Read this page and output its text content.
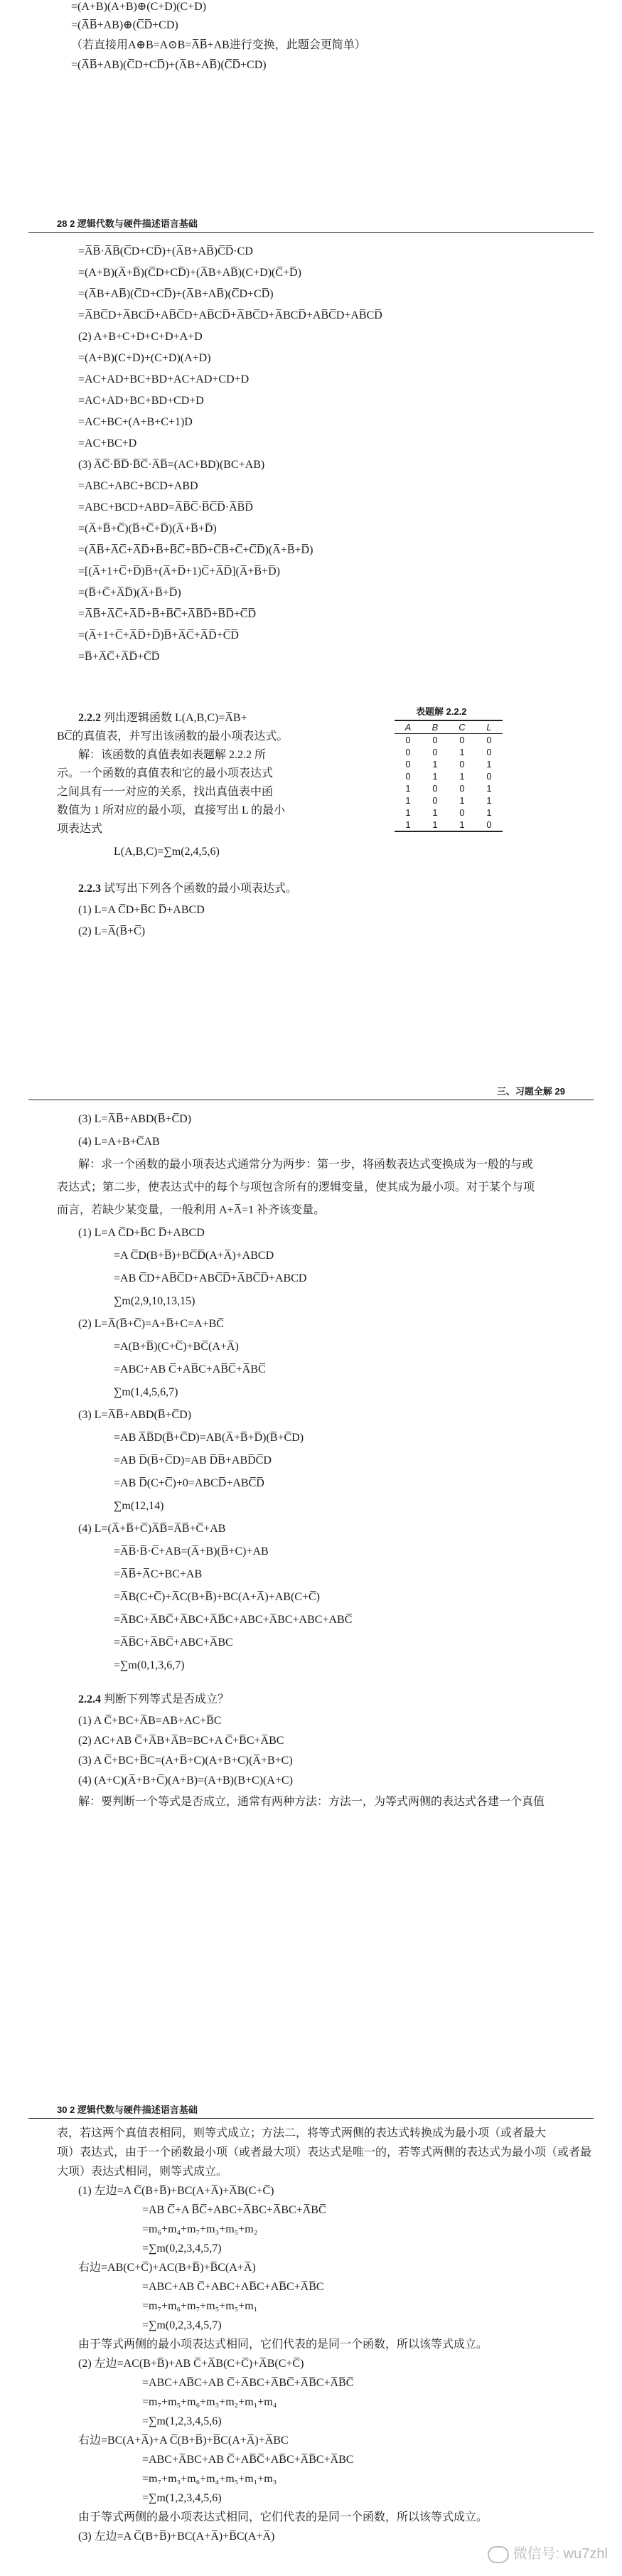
=(A+B)(A+B)⊕(C+D)(C+D)
=(A̅B̅+AB)⊕(C̅D̅+CD)
（若直接用A⊕B=A⊙B=A̅B̅+AB进行变换，此题会更简单）
=(A̅B̅+AB)(C̅D+CD̅)+(A̅B+AB̅)(C̅D̅+CD)
28 2 逻辑代数与硬件描述语言基础
=A̅B̅·A̅B̅(C̅D+CD̅)+(A̅B+AB̅)C̅D̅·CD
=(A+B)(A̅+B̅)(C̅D+CD̅)+(A̅B+AB̅)(C+D)(C̅+D̅)
=(A̅B+AB̅)(C̅D+CD̅)+(A̅B+AB̅)(C̅D+CD̅)
=A̅BC̅D+A̅BCD̅+AB̅C̅D+AB̅CD̅+A̅BC̅D+A̅BCD̅+AB̅C̅D+AB̅CD̅
(2) A+B+C+D+C+D+A+D
=(A+B)(C+D)+(C+D)(A+D)
=AC+AD+BC+BD+AC+AD+CD+D
=AC+AD+BC+BD+CD+D
=AC+BC+(A+B+C+1)D
=AC+BC+D
(3) A̅C̅·B̅D̅·B̅C̅·A̅B̅=(AC+BD)(BC+AB)
=ABC+ABC+BCD+ABD
=ABC+BCD+ABD=A̅B̅C̅·B̅C̅D̅·A̅B̅D̅
=(A̅+B̅+C̅)(B̅+C̅+D̅)(A̅+B̅+D̅)
=(A̅B̅+A̅C̅+A̅D̅+B̅+B̅C̅+B̅D̅+C̅B̅+C̅+C̅D̅)(A̅+B̅+D̅)
=[(A̅+1+C̅+D̅)B̅+(A̅+D̅+1)C̅+A̅D̅](A̅+B̅+D̅)
=(B̅+C̅+A̅D̅)(A̅+B̅+D̅)
=A̅B̅+A̅C̅+A̅D̅+B̅+B̅C̅+A̅B̅D̅+B̅D̅+C̅D̅
=(A̅+1+C̅+A̅D̅+D̅)B̅+A̅C̅+A̅D̅+C̅D̅
=B̅+A̅C̅+A̅D̅+C̅D̅
2.2.2 列出逻辑函数 L(A,B,C)=A̅B+
BC̅的真值表，并写出该函数的最小项表达式。
解：该函数的真值表如表题解 2.2.2 所
示。一个函数的真值表和它的最小项表达式
之间具有一一对应的关系，找出真值表中函
数值为 1 所对应的最小项，直接写出 L 的最小
项表达式
L(A,B,C)=∑m(2,4,5,6)
表题解 2.2.2
A	B	C	L
0	0	0	0
0	0	1	0
0	1	0	1
0	1	1	0
1	0	0	1
1	0	1	1
1	1	0	1
1	1	1	0
2.2.3 试写出下列各个函数的最小项表达式。
(1) L=A C̅D+B̅C D̅+ABCD
(2) L=A̅(B̅+C̅)
三、习题全解 29
(3) L=A̅B̅+ABD(B̅+C̅D)
(4) L=A+B+C̅AB
解：求一个函数的最小项表达式通常分为两步：第一步，将函数表达式变换成为一般的与或
表达式；第二步，使表达式中的每个与项包含所有的逻辑变量，使其成为最小项。对于某个与项
而言，若缺少某变量，一般利用 A+A̅=1 补齐该变量。
(1) L=A C̅D+B̅C D̅+ABCD
=A C̅D(B+B̅)+BC̅D̅(A+A̅)+ABCD
=AB C̅D+AB̅C̅D+ABC̅D̅+A̅BC̅D̅+ABCD
∑m(2,9,10,13,15)
(2) L=A̅(B̅+C̅)=A+B̅+C=A+BC̅
=A(B+B̅)(C+C̅)+BC̅(A+A̅)
=ABC+AB C̅+AB̅C+AB̅C̅+A̅BC̅
∑m(1,4,5,6,7)
(3) L=A̅B̅+ABD(B̅+C̅D)
=AB A̅B̅D(B̅+C̅D)=AB(A̅+B̅+D̅)(B̅+C̅D)
=AB D̅(B̅+C̅D)=AB D̅B̅+ABD̅C̅D
=AB D̅(C+C̅)+0=ABCD̅+ABC̅D̅
∑m(12,14)
(4) L=(A̅+B̅+C̅)A̅B̅=A̅B̅+C̅+AB
=A̅B̅·B̅·C̅+AB=(A̅+B)(B̅+C)+AB
=A̅B̅+A̅C+BC+AB
=A̅B(C+C̅)+A̅C(B+B̅)+BC(A+A̅)+AB(C+C̅)
=A̅BC+A̅BC̅+A̅BC+A̅B̅C+ABC+A̅BC+ABC+ABC̅
=A̅B̅C+A̅BC̅+ABC+A̅BC
=∑m(0,1,3,6,7)
2.2.4 判断下列等式是否成立？
(1) A C̅+BC+A̅B=AB+AC+B̅C
(2) AC+AB C̅+A̅B+A̅B=BC+A C̅+B̅C+A̅BC
(3) A C̅+BC+B̅C=(A+B̅+C)(A+B+C)(A̅+B+C)
(4) (A+C)(A̅+B+C̅)(A+B)=(A+B)(B+C)(A+C)
解：要判断一个等式是否成立，通常有两种方法：方法一，为等式两侧的表达式各建一个真值
30 2 逻辑代数与硬件描述语言基础
表，若这两个真值表相同，则等式成立；方法二，将等式两侧的表达式转换成为最小项（或者最大
项）表达式，由于一个函数最小项（或者最大项）表达式是唯一的，若等式两侧的表达式为最小项（或者最
大项）表达式相同，则等式成立。
(1) 左边=A C̅(B+B̅)+BC(A+A̅)+A̅B(C+C̅)
=AB C̅+A B̅C̅+ABC+A̅BC+A̅BC+A̅BC̅
=m₆+m₄+m₇+m₃+m₅+m₂
=∑m(0,2,3,4,5,7)
右边=AB(C+C̅)+AC(B+B̅)+B̅C(A+A̅)
=ABC+AB C̅+ABC+AB̅C+AB̅C+A̅B̅C
=m₇+m₆+m₇+m₅+m₅+m₁
=∑m(0,2,3,4,5,7)
由于等式两侧的最小项表达式相同，它们代表的是同一个函数，所以该等式成立。
(2) 左边=AC(B+B̅)+AB C̅+A̅B(C+C̅)+A̅B(C+C̅)
=ABC+AB̅C+AB C̅+A̅BC+A̅BC̅+A̅B̅C+A̅B̅C̅
=m₇+m₅+m₆+m₃+m₂+m₁+m₄
=∑m(1,2,3,4,5,6)
右边=BC(A+A̅)+A C̅(B+B̅)+B̅C(A+A̅)+A̅BC
=ABC+A̅BC+AB C̅+AB̅C̅+AB̅C+A̅B̅C+A̅BC
=m₇+m₃+m₆+m₄+m₅+m₁+m₃
=∑m(1,2,3,4,5,6)
由于等式两侧的最小项表达式相同，它们代表的是同一个函数，所以该等式成立。
(3) 左边=A C̅(B+B̅)+BC(A+A̅)+B̅C(A+A̅)
微信号: wu7zhl
